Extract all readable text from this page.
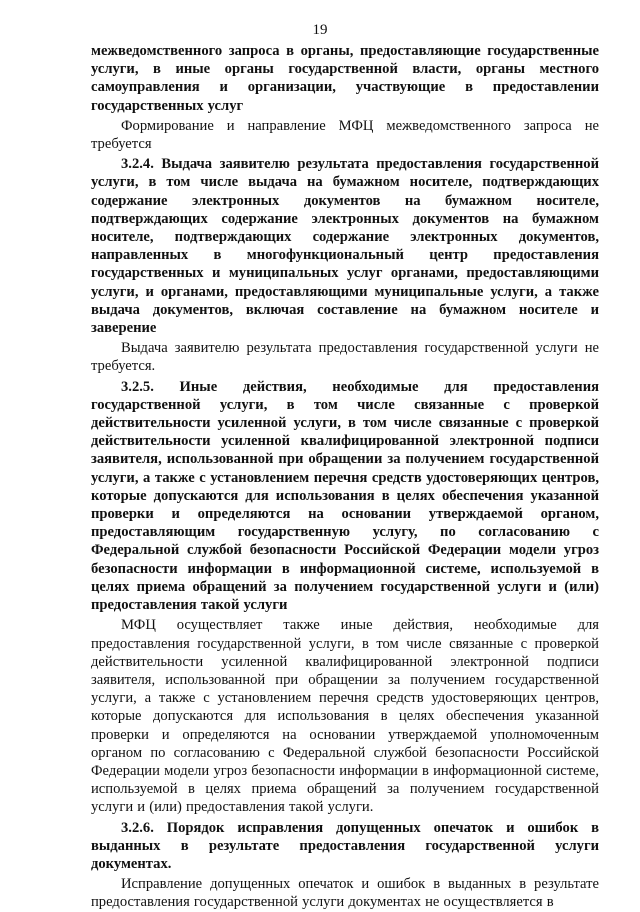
19

межведомственного запроса в органы, предоставляющие государственные услуги, в иные органы государственной власти, органы местного самоуправления и организации, участвующие в предоставлении государственных услуг

Формирование и направление МФЦ межведомственного запроса не требуется

3.2.4. Выдача заявителю результата предоставления государственной услуги, в том числе выдача на бумажном носителе, подтверждающих содержание электронных документов на бумажном носителе, подтверждающих содержание электронных документов на бумажном носителе, подтверждающих содержание электронных документов, направленных в многофункциональный центр предоставления государственных и муниципальных услуг органами, предоставляющими услуги, и органами, предоставляющими муниципальные услуги, а также выдача документов, включая составление на бумажном носителе и заверение

Выдача заявителю результата предоставления государственной услуги не требуется.

3.2.5. Иные действия, необходимые для предоставления государственной услуги, в том числе связанные с проверкой действительности усиленной услуги, в том числе связанные с проверкой действительности усиленной квалифицированной электронной подписи заявителя, использованной при обращении за получением государственной услуги, а также с установлением перечня средств удостоверяющих центров, которые допускаются для использования в целях обеспечения указанной проверки и определяются на основании утверждаемой органом, предоставляющим государственную услугу, по согласованию с Федеральной службой безопасности Российской Федерации модели угроз безопасности информации в информационной системе, используемой в целях приема обращений за получением государственной услуги и (или) предоставления такой услуги

МФЦ осуществляет также иные действия, необходимые для предоставления государственной услуги, в том числе связанные с проверкой действительности усиленной квалифицированной электронной подписи заявителя, использованной при обращении за получением государственной услуги, а также с установлением перечня средств удостоверяющих центров, которые допускаются для использования в целях обеспечения указанной проверки и определяются на основании утверждаемой уполномоченным органом по согласованию с Федеральной службой безопасности Российской Федерации модели угроз безопасности информации в информационной системе, используемой в целях приема обращений за получением государственной услуги и (или) предоставления такой услуги.

3.2.6. Порядок исправления допущенных опечаток и ошибок в выданных в результате предоставления государственной услуги документах.

Исправление допущенных опечаток и ошибок в выданных в результате предоставления государственной услуги документах не осуществляется в
